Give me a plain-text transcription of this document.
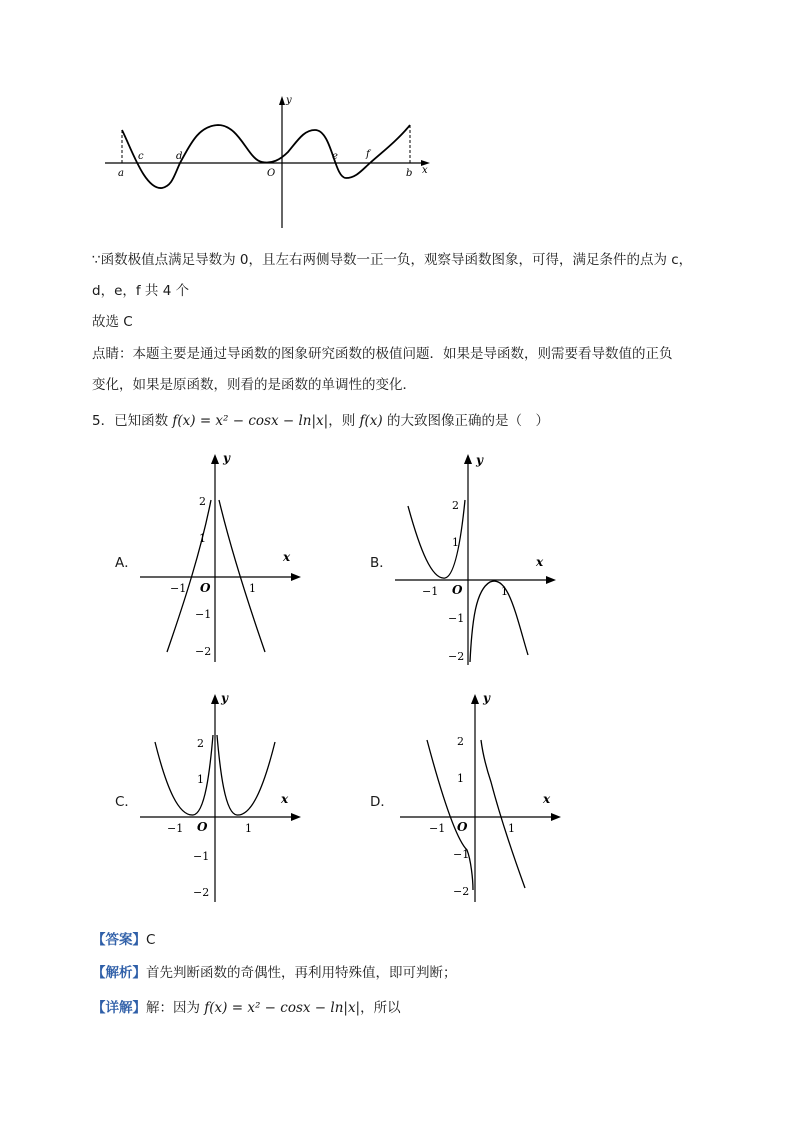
a
c	d
O
e	f
b x
y
∵函数极值点满足导数为 0，且左右两侧导数一正一负，观察导函数图象，可得，满足条件的点为 c，
d，e，f 共 4 个
故选 C
点睛：本题主要是通过导函数的图象研究函数的极值问题．如果是导函数，则需要看导数值的正负
变化，如果是原函数，则看的是函数的单调性的变化．
5．已知函数 f(x) = x² − cosx − ln|x|，则 f(x) 的大致图像正确的是（　）
A．	B．
C．	D．
y
x
O
−1	1
2
1
−1
−2
y
x
O
−1	1
2
1
−1
−2
y
x
O
−1	1
2
1
−1
−2
y
x
O
−1	1
2
1
−1
−2
【答案】C
【解析】首先判断函数的奇偶性，再利用特殊值，即可判断；
【详解】解：因为 f(x) = x² − cosx − ln|x|，所以
